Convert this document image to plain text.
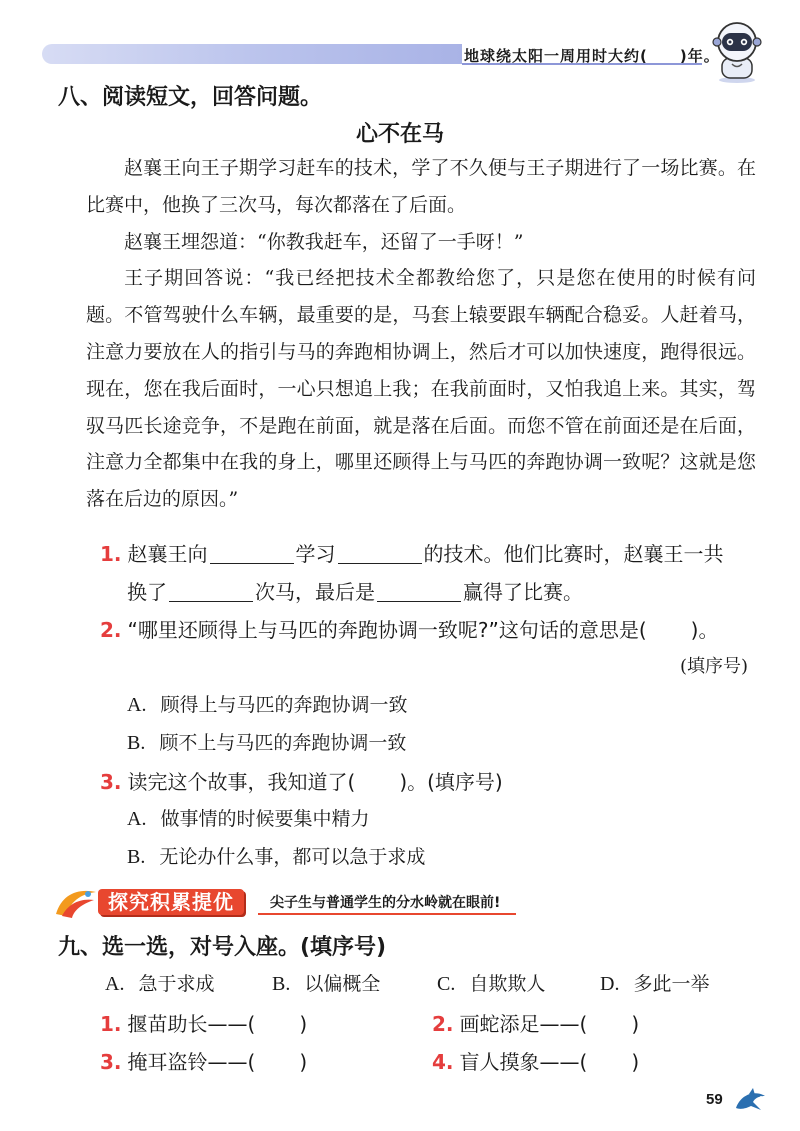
地球绕太阳一周用时大约(　　)年。
八、阅读短文，回答问题。
心不在马

赵襄王向王子期学习赶车的技术，学了不久便与王子期进行了一场比赛。在比赛中，他换了三次马，每次都落在了后面。

赵襄王埋怨道：“你教我赶车，还留了一手呀！”

王子期回答说：“我已经把技术全都教给您了，只是您在使用的时候有问题。不管驾驶什么车辆，最重要的是，马套上辕要跟车辆配合稳妥。人赶着马，注意力要放在人的指引与马的奔跑相协调上，然后才可以加快速度，跑得很远。现在，您在我后面时，一心只想追上我；在我前面时，又怕我追上来。其实，驾驭马匹长途竞争，不是跑在前面，就是落在后面。而您不管在前面还是在后面，注意力全都集中在我的身上，哪里还顾得上与马匹的奔跑协调一致呢？这就是您落在后边的原因。”

1. 赵襄王向	学习	的技术。他们比赛时，赵襄王一共
换了	次马，最后是	赢得了比赛。
2. “哪里还顾得上与马匹的奔跑协调一致呢?”这句话的意思是( )。
(填序号)
A. 顾得上与马匹的奔跑协调一致
B. 顾不上与马匹的奔跑协调一致
3. 读完这个故事，我知道了( )。(填序号)
A. 做事情的时候要集中精力
B. 无论办什么事，都可以急于求成
探究积累提优	尖子生与普通学生的分水岭就在眼前!
九、选一选，对号入座。(填序号)
A. 急于求成	B. 以偏概全	C. 自欺欺人	D. 多此一举
1. 揠苗助长——( )	2. 画蛇添足——( )
3. 掩耳盗铃——( )	4. 盲人摸象——( )
59
